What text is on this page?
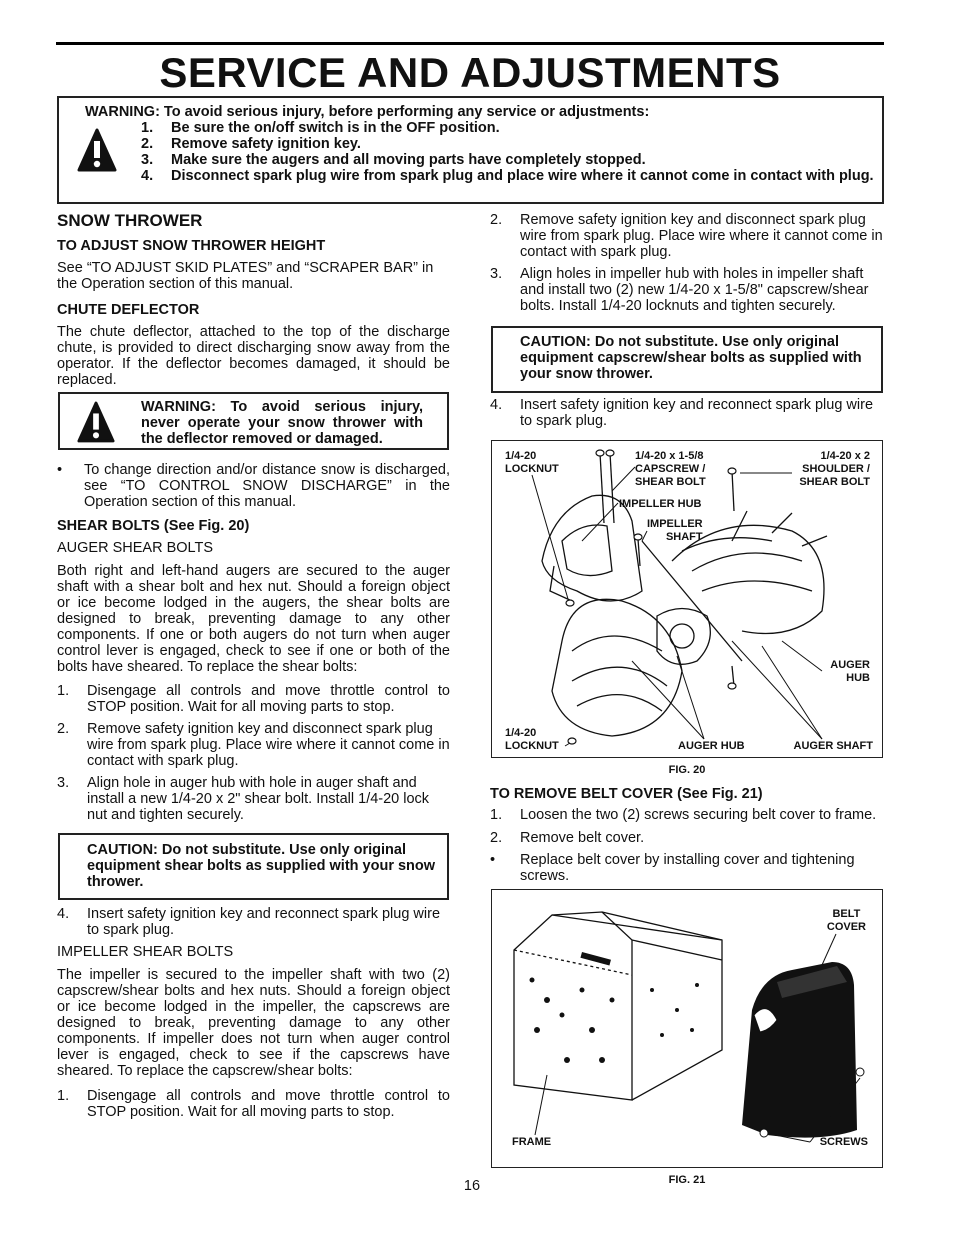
SERVICE AND ADJUSTMENTS
WARNING: To avoid serious injury, before performing any service or adjustments:
1. Be sure the on/off switch is in the OFF position.
2. Remove safety ignition key.
3. Make sure the augers and all moving parts have completely stopped.
4. Disconnect spark plug wire from spark plug and place wire where it cannot come in contact with plug.
SNOW THROWER
TO ADJUST SNOW THROWER HEIGHT
See “TO ADJUST SKID PLATES” and “SCRAPER BAR” in the Operation section of this manual.
CHUTE DEFLECTOR
The chute deflector, attached to the top of the discharge chute, is provided to direct discharging snow away from the operator. If the deflector becomes damaged, it should be replaced.
WARNING: To avoid serious injury, never operate your snow thrower with the deflector removed or damaged.
• To change direction and/or distance snow is discharged, see “TO CONTROL SNOW DISCHARGE” in the Operation section of this manual.
SHEAR BOLTS (See Fig. 20)
AUGER SHEAR BOLTS
Both right and left-hand augers are secured to the auger shaft with a shear bolt and hex nut. Should a foreign object or ice become lodged in the augers, the shear bolts are designed to break, preventing damage to any other components. If one or both augers do not turn when auger control lever is engaged, check to see if one or both of the bolts have sheared. To replace the shear bolts:
1. Disengage all controls and move throttle control to STOP position. Wait for all moving parts to stop.
2. Remove safety ignition key and disconnect spark plug wire from spark plug. Place wire where it cannot come in contact with spark plug.
3. Align hole in auger hub with hole in auger shaft and install a new 1/4-20 x 2" shear bolt. Install 1/4-20 lock nut and tighten securely.
CAUTION: Do not substitute. Use only original equipment shear bolts as supplied with your snow thrower.
4. Insert safety ignition key and reconnect spark plug wire to spark plug.
IMPELLER SHEAR BOLTS
The impeller is secured to the impeller shaft with two (2) capscrew/shear bolts and hex nuts. Should a foreign object or ice become lodged in the impeller, the capscrews are designed to break, preventing damage to any other components. If impeller does not turn when auger control lever is engaged, check to see if the capscrews have sheared. To replace the capscrew/shear bolts:
1. Disengage all controls and move throttle control to STOP position. Wait for all moving parts to stop.
2. Remove safety ignition key and disconnect spark plug wire from spark plug. Place wire where it cannot come in contact with spark plug.
3. Align holes in impeller hub with holes in impeller shaft and install two (2) new 1/4-20 x 1-5/8" capscrew/shear bolts. Install 1/4-20 locknuts and tighten securely.
CAUTION: Do not substitute. Use only original equipment capscrew/shear bolts as supplied with your snow thrower.
4. Insert safety ignition key and reconnect spark plug wire to spark plug.
1/4-20
LOCKNUT
1/4-20 x 1-5/8
CAPSCREW /
SHEAR BOLT
1/4-20 x 2
SHOULDER /
SHEAR BOLT
IMPELLER HUB
IMPELLER
SHAFT
AUGER
HUB
1/4-20
LOCKNUT	AUGER HUB	AUGER SHAFT
FIG. 20
TO REMOVE BELT COVER (See Fig. 21)
1. Loosen the two (2) screws securing belt cover to frame.
2. Remove belt cover.
• Replace belt cover by installing cover and tightening screws.
BELT
COVER
FRAME	SCREWS
FIG. 21
16
